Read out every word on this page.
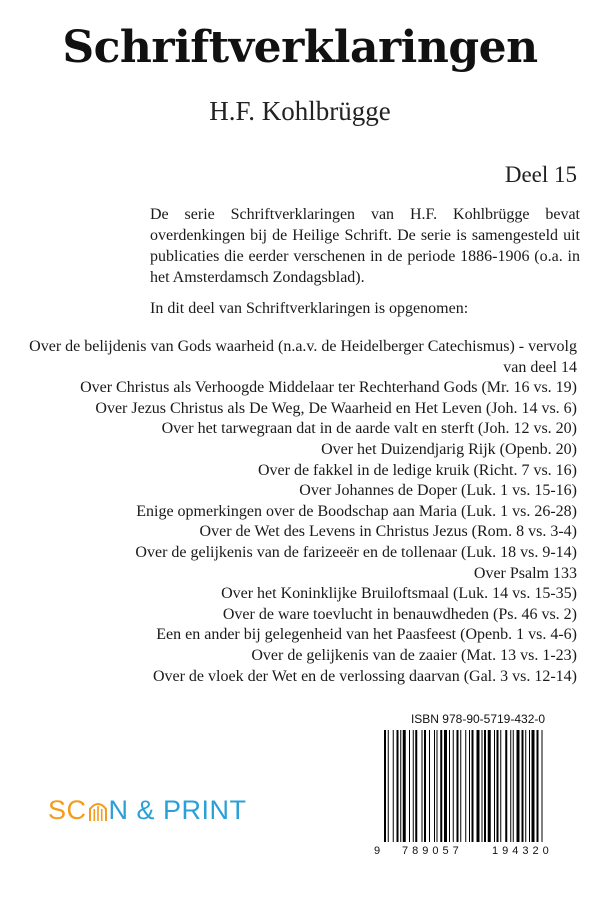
Schriftverklaringen
H.F. Kohlbrügge
Deel 15

De serie Schriftverklaringen van H.F. Kohlbrügge bevat overdenkingen bij de Heilige Schrift. De serie is samengesteld uit publicaties die eerder verschenen in de periode 1886-1906 (o.a. in het Amsterdamsch Zondagsblad).

In dit deel van Schriftverklaringen is opgenomen:
Over de belijdenis van Gods waarheid (n.a.v. de Heidelberger Catechismus) - vervolg van deel 14
Over Christus als Verhoogde Middelaar ter Rechterhand Gods (Mr. 16 vs. 19)
Over Jezus Christus als De Weg, De Waarheid en Het Leven (Joh. 14 vs. 6)
Over het tarwegraan dat in de aarde valt en sterft (Joh. 12 vs. 20)
Over het Duizendjarig Rijk (Openb. 20)
Over de fakkel in de ledige kruik (Richt. 7 vs. 16)
Over Johannes de Doper (Luk. 1 vs. 15-16)
Enige opmerkingen over de Boodschap aan Maria (Luk. 1 vs. 26-28)
Over de Wet des Levens in Christus Jezus (Rom. 8 vs. 3-4)
Over de gelijkenis van de farizeeër en de tollenaar (Luk. 18 vs. 9-14)
Over Psalm 133
Over het Koninklijke Bruiloftsmaal (Luk. 14 vs. 15-35)
Over de ware toevlucht in benauwdheden (Ps. 46 vs. 2)
Een en ander bij gelegenheid van het Paasfeest (Openb. 1 vs. 4-6)
Over de gelijkenis van de zaaier (Mat. 13 vs. 1-23)
Over de vloek der Wet en de verlossing daarvan (Gal. 3 vs. 12-14)
SC N & PRINT
ISBN 978-90-5719-432-0
9 789057	194320
